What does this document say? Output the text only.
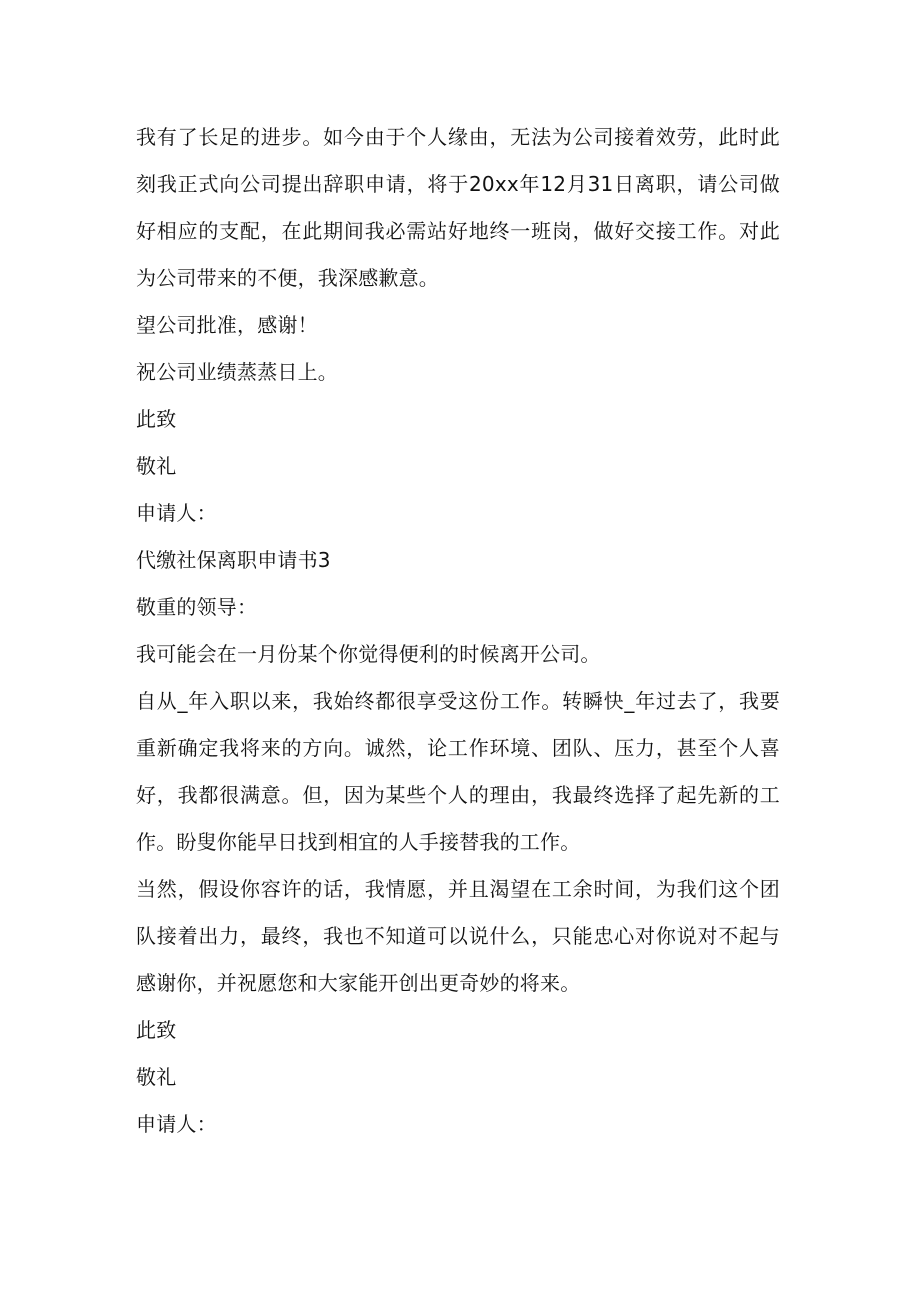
我有了长足的进步。如今由于个人缘由，无法为公司接着效劳，此时此刻我正式向公司提出辞职申请，将于20xx年12月31日离职，请公司做好相应的支配，在此期间我必需站好地终一班岗，做好交接工作。对此为公司带来的不便，我深感歉意。

望公司批准，感谢！

祝公司业绩蒸蒸日上。

此致

敬礼

申请人：

代缴社保离职申请书3

敬重的领导：

我可能会在一月份某个你觉得便利的时候离开公司。

自从_年入职以来，我始终都很享受这份工作。转瞬快_年过去了，我要重新确定我将来的方向。诚然，论工作环境、团队、压力，甚至个人喜好，我都很满意。但，因为某些个人的理由，我最终选择了起先新的工作。盼叟你能早日找到相宜的人手接替我的工作。

当然，假设你容许的话，我情愿，并且渴望在工余时间，为我们这个团队接着出力，最终，我也不知道可以说什么，只能忠心对你说对不起与感谢你，并祝愿您和大家能开创出更奇妙的将来。

此致

敬礼

申请人：
